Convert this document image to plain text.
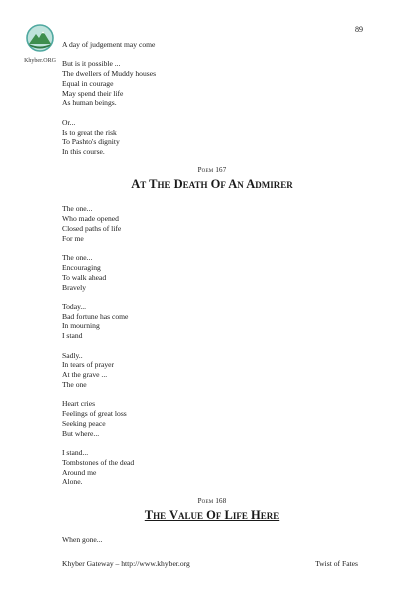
89
Khyber.ORG
A day of judgement may come
But is it possible ...
The dwellers of Muddy houses
Equal in courage
May spend their life
As human beings.
Or...
Is to great the risk
To Pashto's dignity
In this course.
Poem 167
At The Death Of An Admirer
The one...
Who made opened
Closed paths of life
For me
The one...
Encouraging
To walk ahead
Bravely
Today...
Bad fortune has come
In mourning
I stand
Sadly..
In tears of prayer
At the grave ...
The one
Heart cries
Feelings of great loss
Seeking peace
But where...
I stand...
Tombstones of the dead
Around me
Alone.
Poem 168
The Value Of Life Here
When gone...
Khyber Gateway – http://www.khyber.org	Twist of Fates
